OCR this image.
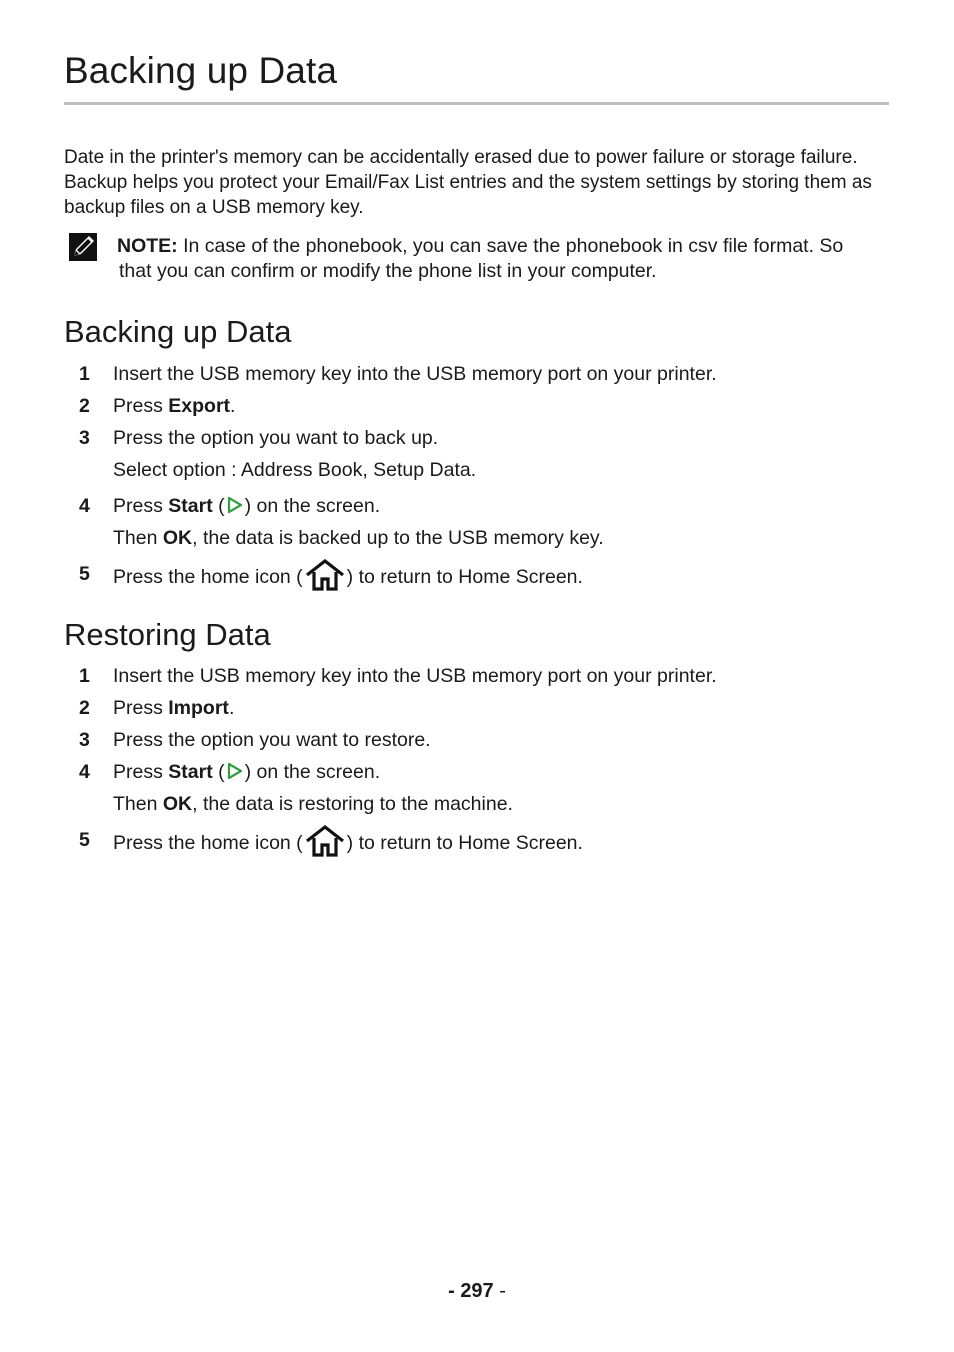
Backing up Data

Date in the printer's memory can be accidentally erased due to power failure or storage failure. Backup helps you protect your Email/Fax List entries and the system settings by storing them as backup files on a USB memory key.

NOTE: In case of the phonebook, you can save the phonebook in csv file format. So
that you can confirm or modify the phone list in your computer.

Backing up Data
1 Insert the USB memory key into the USB memory port on your printer.
2 Press Export.
3 Press the option you want to back up.
Select option : Address Book, Setup Data.
4 Press Start ( ) on the screen.
Then OK, the data is backed up to the USB memory key.
5 Press the home icon ( ) to return to Home Screen.
Restoring Data
1 Insert the USB memory key into the USB memory port on your printer.
2 Press Import.
3 Press the option you want to restore.
4 Press Start ( ) on the screen.
Then OK, the data is restoring to the machine.
5 Press the home icon ( ) to return to Home Screen.
- 297 -
